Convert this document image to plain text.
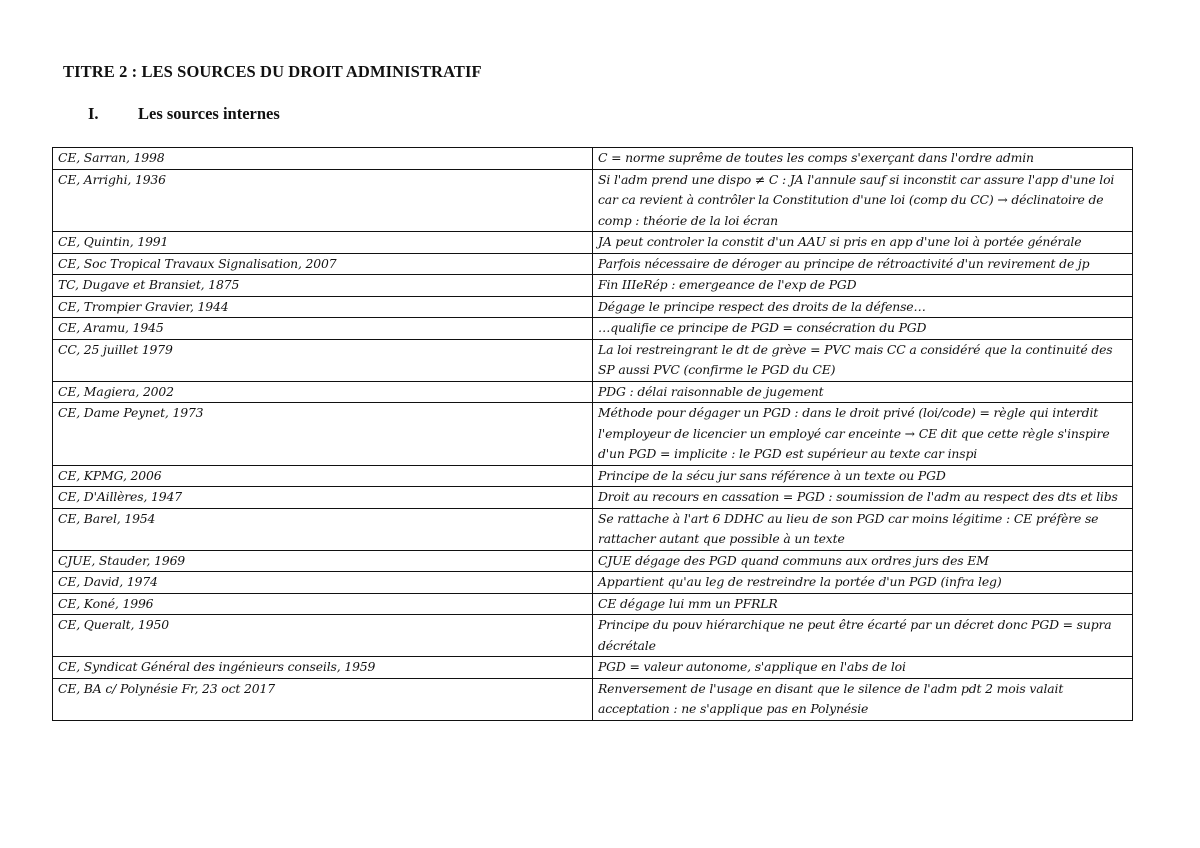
TITRE 2 : LES SOURCES DU DROIT ADMINISTRATIF
I. Les sources internes
CE, Sarran, 1998	C = norme suprême de toutes les comps s'exerçant dans l'ordre admin
CE, Arrighi, 1936	Si l'adm prend une dispo ≠ C : JA l'annule sauf si inconstit car assure l'app d'une loi car ca revient à contrôler la Constitution d'une loi (comp du CC) → déclinatoire de comp : théorie de la loi écran
CE, Quintin, 1991	JA peut controler la constit d'un AAU si pris en app d'une loi à portée générale
CE, Soc Tropical Travaux Signalisation, 2007	Parfois nécessaire de déroger au principe de rétroactivité d'un revirement de jp
TC, Dugave et Bransiet, 1875	Fin IIIeRép : emergeance de l'exp de PGD
CE, Trompier Gravier, 1944	Dégage le principe respect des droits de la défense…
CE, Aramu, 1945	…qualifie ce principe de PGD = consécration du PGD
CC, 25 juillet 1979	La loi restreingrant le dt de grève = PVC mais CC a considéré que la continuité des SP aussi PVC (confirme le PGD du CE)
CE, Magiera, 2002	PDG : délai raisonnable de jugement
CE, Dame Peynet, 1973	Méthode pour dégager un PGD : dans le droit privé (loi/code) = règle qui interdit l'employeur de licencier un employé car enceinte → CE dit que cette règle s'inspire d'un PGD = implicite : le PGD est supérieur au texte car inspi
CE, KPMG, 2006	Principe de la sécu jur sans référence à un texte ou PGD
CE, D'Aillères, 1947	Droit au recours en cassation = PGD : soumission de l'adm au respect des dts et libs
CE, Barel, 1954	Se rattache à l'art 6 DDHC au lieu de son PGD car moins légitime : CE préfère se rattacher autant que possible à un texte
CJUE, Stauder, 1969	CJUE dégage des PGD quand communs aux ordres jurs des EM
CE, David, 1974	Appartient qu'au leg de restreindre la portée d'un PGD (infra leg)
CE, Koné, 1996	CE dégage lui mm un PFRLR
CE, Queralt, 1950	Principe du pouv hiérarchique ne peut être écarté par un décret donc PGD = supra décrétale
CE, Syndicat Général des ingénieurs conseils, 1959	PGD = valeur autonome, s'applique en l'abs de loi
CE, BA c/ Polynésie Fr, 23 oct 2017	Renversement de l'usage en disant que le silence de l'adm pdt 2 mois valait acceptation : ne s'applique pas en Polynésie
